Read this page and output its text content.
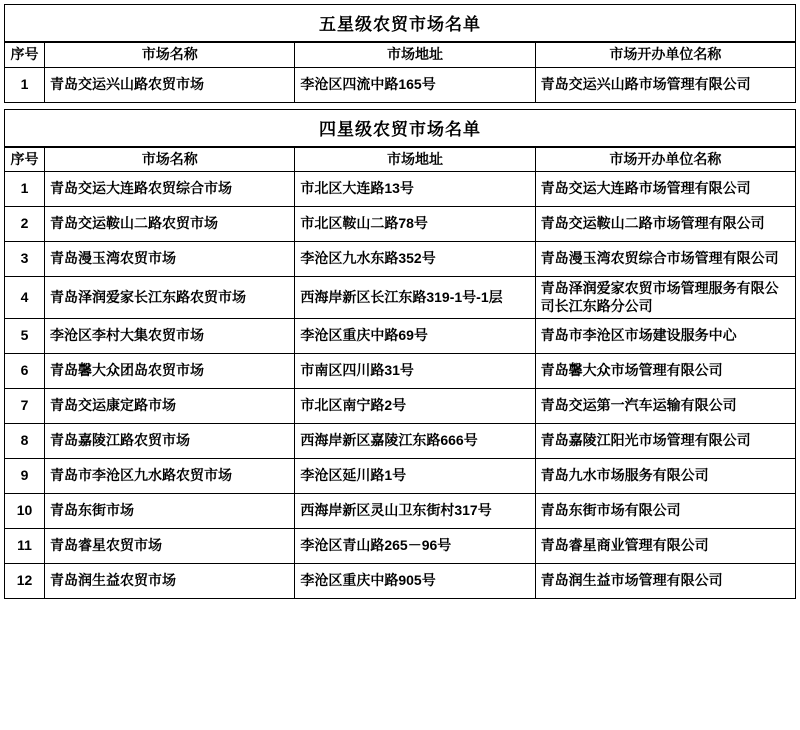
五星级农贸市场名单
序号	市场名称	市场地址	市场开办单位名称
1	青岛交运兴山路农贸市场	李沧区四流中路165号	青岛交运兴山路市场管理有限公司
四星级农贸市场名单
序号	市场名称	市场地址	市场开办单位名称
1	青岛交运大连路农贸综合市场	市北区大连路13号	青岛交运大连路市场管理有限公司
2	青岛交运鞍山二路农贸市场	市北区鞍山二路78号	青岛交运鞍山二路市场管理有限公司
3	青岛漫玉湾农贸市场	李沧区九水东路352号	青岛漫玉湾农贸综合市场管理有限公司
4	青岛泽润爱家长江东路农贸市场	西海岸新区长江东路319-1号-1层	青岛泽润爱家农贸市场管理服务有限公司长江东路分公司
5	李沧区李村大集农贸市场	李沧区重庆中路69号	青岛市李沧区市场建设服务中心
6	青岛馨大众团岛农贸市场	市南区四川路31号	青岛馨大众市场管理有限公司
7	青岛交运康定路市场	市北区南宁路2号	青岛交运第一汽车运输有限公司
8	青岛嘉陵江路农贸市场	西海岸新区嘉陵江东路666号	青岛嘉陵江阳光市场管理有限公司
9	青岛市李沧区九水路农贸市场	李沧区延川路1号	青岛九水市场服务有限公司
10	青岛东街市场	西海岸新区灵山卫东街村317号	青岛东街市场有限公司
11	青岛睿星农贸市场	李沧区青山路265－96号	青岛睿星商业管理有限公司
12	青岛润生益农贸市场	李沧区重庆中路905号	青岛润生益市场管理有限公司
